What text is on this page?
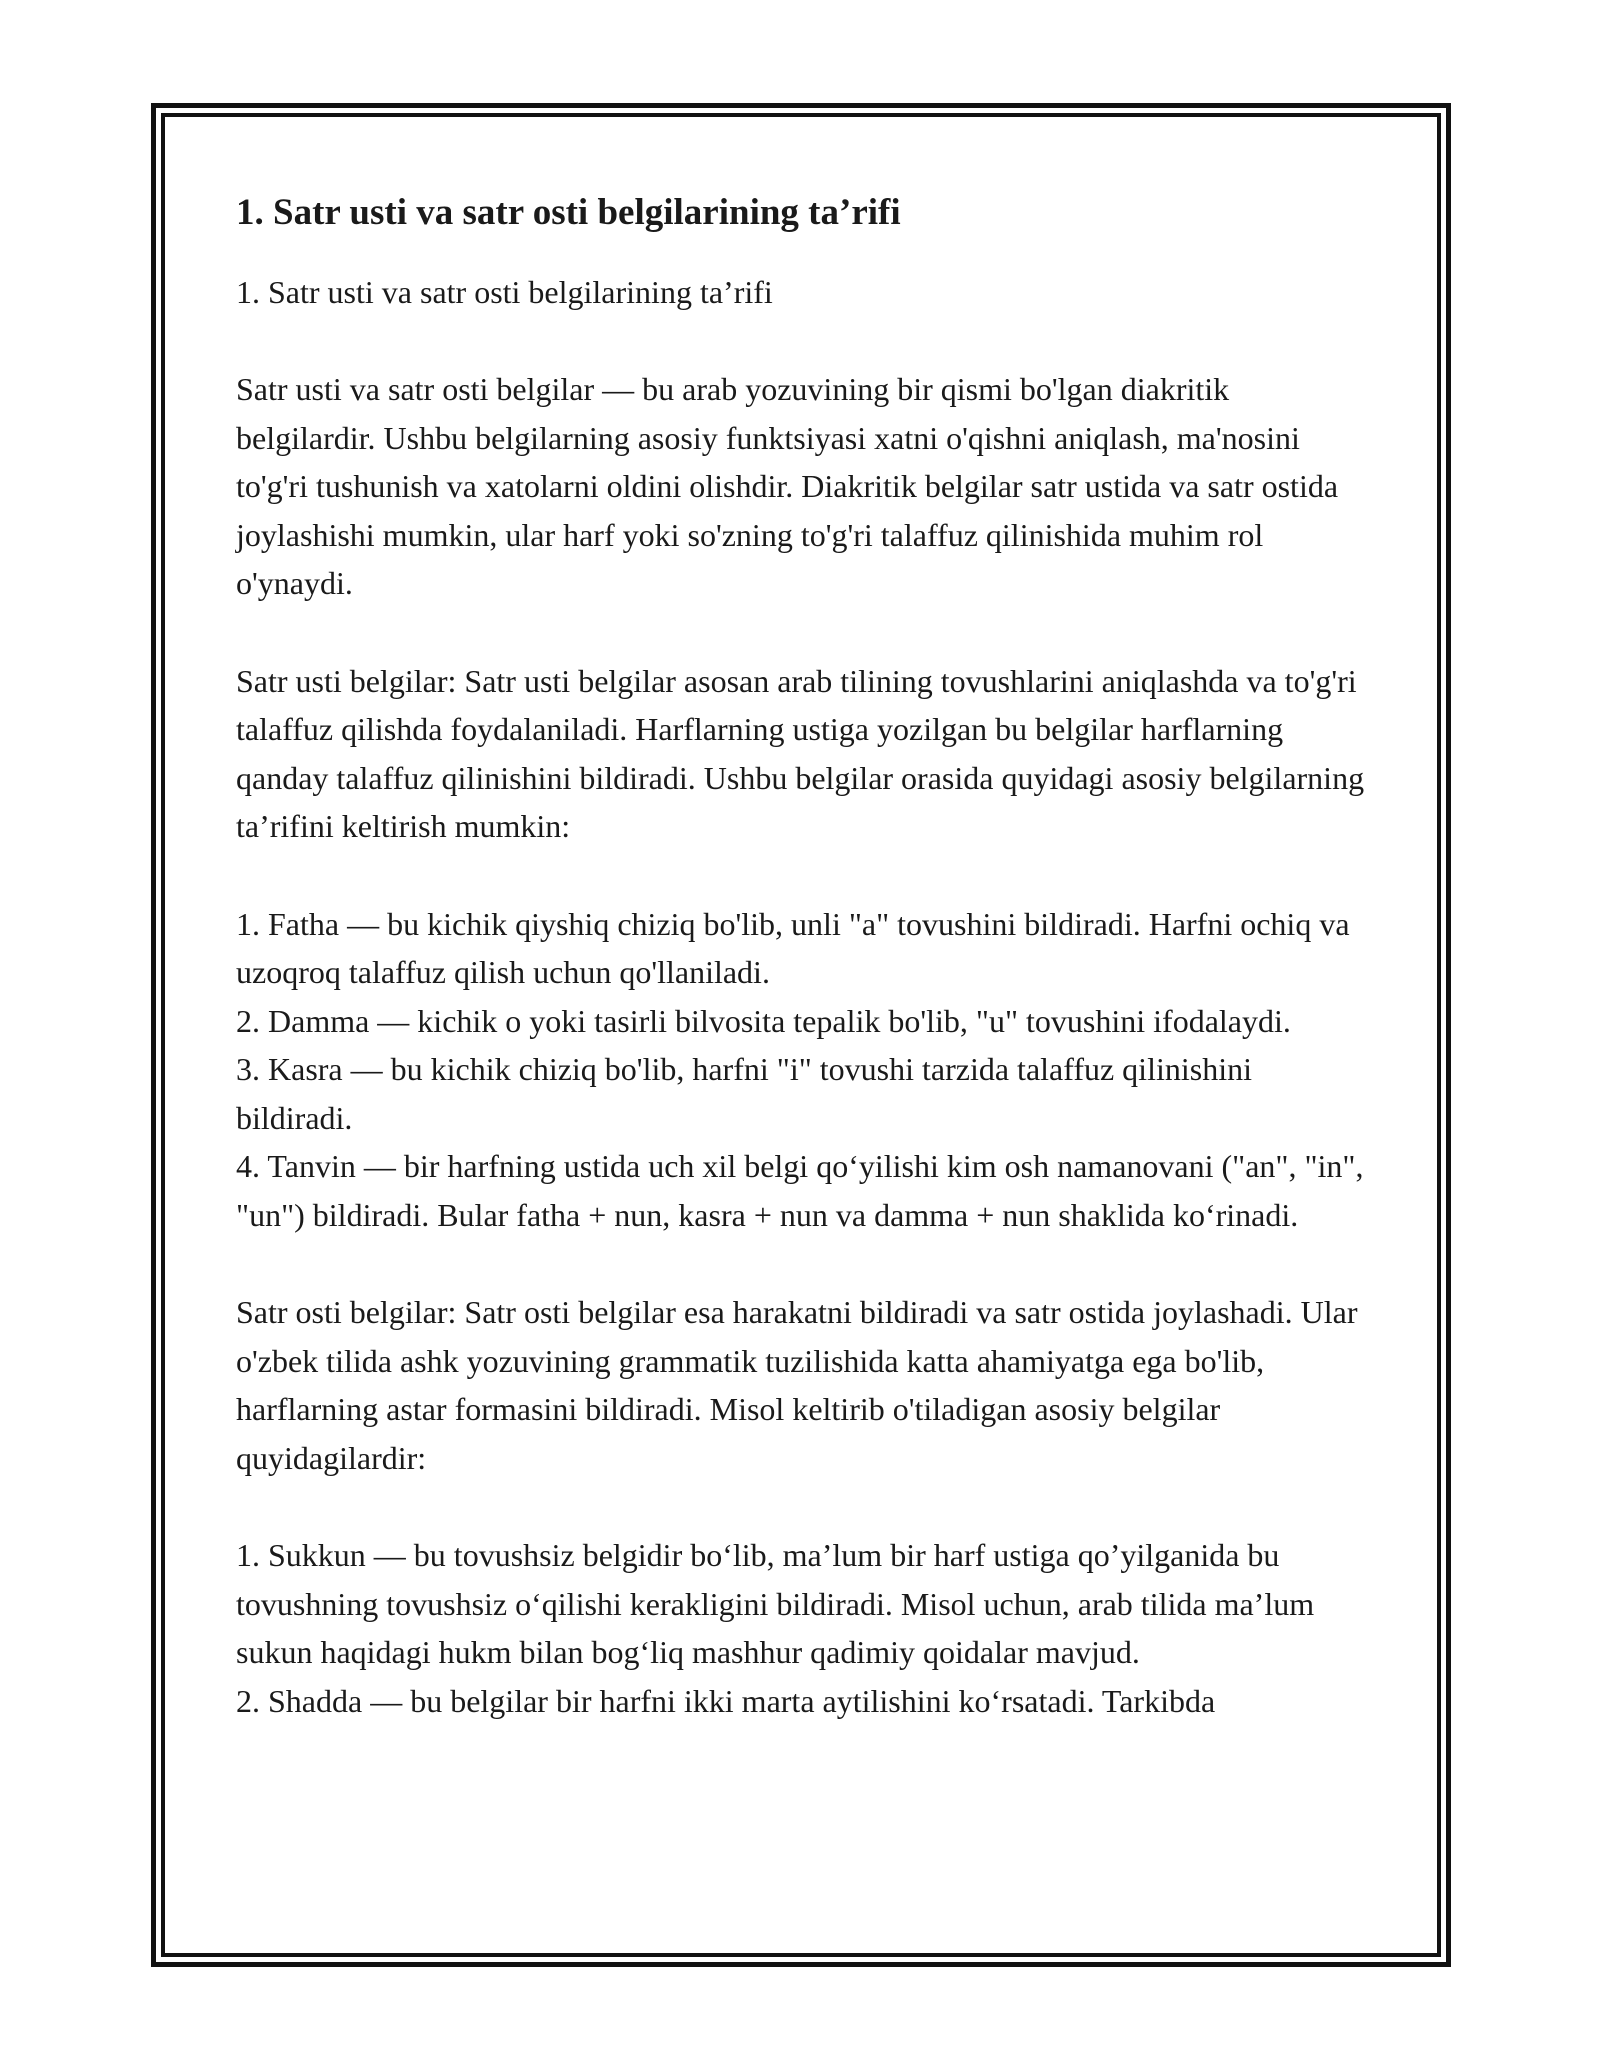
1. Satr usti va satr osti belgilarining ta’rifi

1. Satr usti va satr osti belgilarining ta’rifi

Satr usti va satr osti belgilar — bu arab yozuvining bir qismi bo'lgan diakritik belgilardir. Ushbu belgilarning asosiy funktsiyasi xatni o'qishni aniqlash, ma'nosini to'g'ri tushunish va xatolarni oldini olishdir. Diakritik belgilar satr ustida va satr ostida joylashishi mumkin, ular harf yoki so'zning to'g'ri talaffuz qilinishida muhim rol o'ynaydi.

Satr usti belgilar: Satr usti belgilar asosan arab tilining tovushlarini aniqlashda va to'g'ri talaffuz qilishda foydalaniladi. Harflarning ustiga yozilgan bu belgilar harflarning qanday talaffuz qilinishini bildiradi. Ushbu belgilar orasida quyidagi asosiy belgilarning ta’rifini keltirish mumkin:

1. Fatha — bu kichik qiyshiq chiziq bo'lib, unli "a" tovushini bildiradi. Harfni ochiq va uzoqroq talaffuz qilish uchun qo'llaniladi.
2. Damma — kichik o yoki tasirli bilvosita tepalik bo'lib, "u" tovushini ifodalaydi.
3. Kasra — bu kichik chiziq bo'lib, harfni "i" tovushi tarzida talaffuz qilinishini bildiradi.
4. Tanvin — bir harfning ustida uch xil belgi qo‘yilishi kim osh namanovani ("an", "in", "un") bildiradi. Bular fatha + nun, kasra + nun va damma + nun shaklida ko‘rinadi.

Satr osti belgilar: Satr osti belgilar esa harakatni bildiradi va satr ostida joylashadi. Ular o'zbek tilida ashk yozuvining grammatik tuzilishida katta ahamiyatga ega bo'lib, harflarning astar formasini bildiradi. Misol keltirib o'tiladigan asosiy belgilar quyidagilardir:

1. Sukkun — bu tovushsiz belgidir bo‘lib, ma’lum bir harf ustiga qo’yilganida bu tovushning tovushsiz o‘qilishi kerakligini bildiradi. Misol uchun, arab tilida ma’lum sukun haqidagi hukm bilan bog‘liq mashhur qadimiy qoidalar mavjud.
2. Shadda — bu belgilar bir harfni ikki marta aytilishini ko‘rsatadi. Tarkibda
